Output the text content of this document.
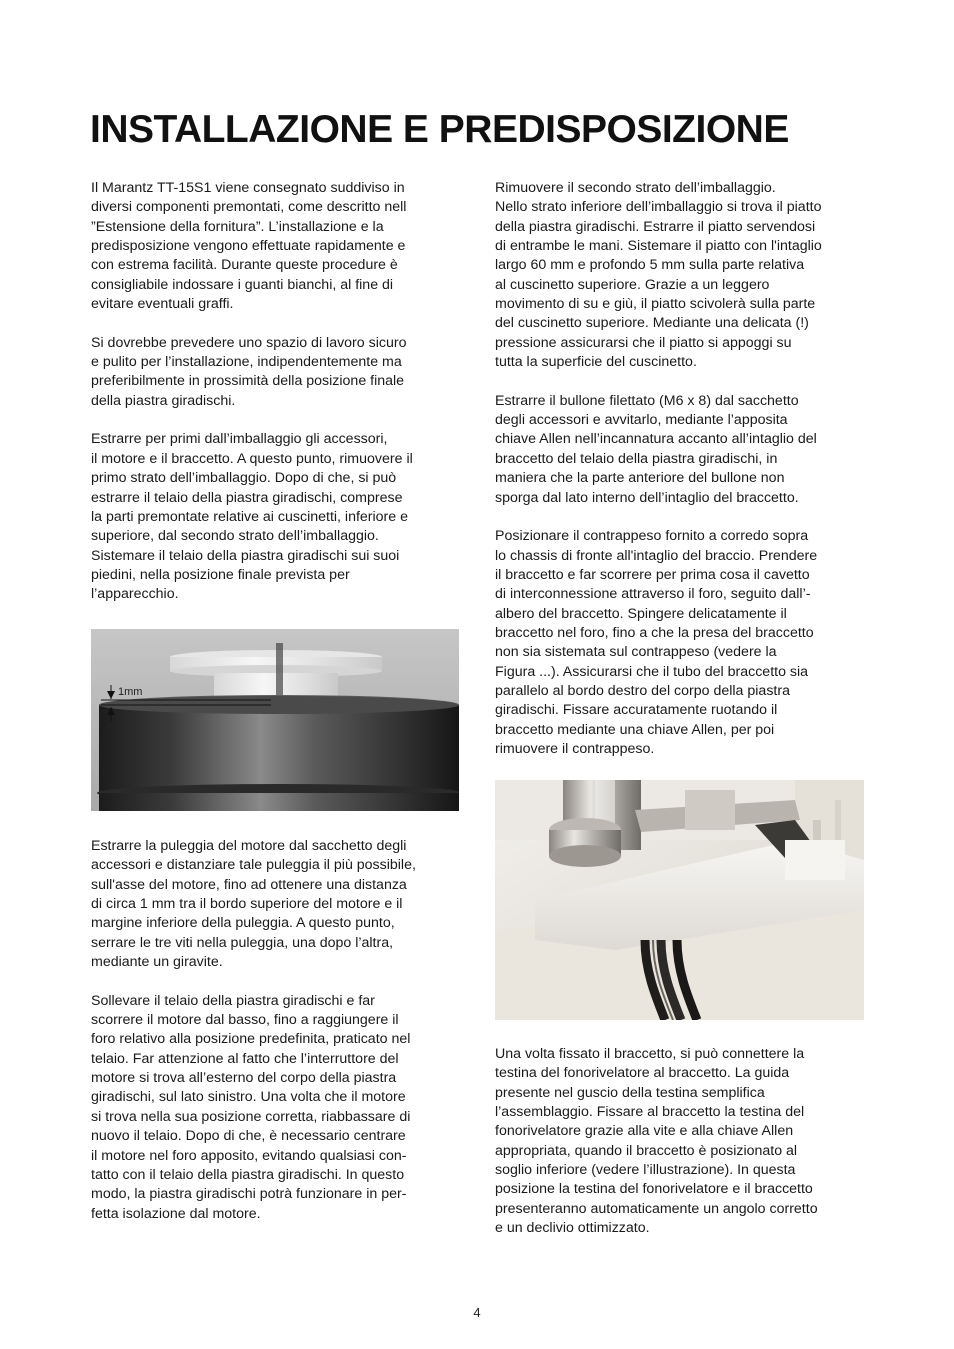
INSTALLAZIONE E PREDISPOSIZIONE

Il Marantz TT-15S1 viene consegnato suddiviso in
diversi componenti premontati, come descritto nell
”Estensione della fornitura”. L’installazione e la
predisposizione vengono effettuate rapidamente e
con estrema facilità. Durante queste procedure è
consigliabile indossare i guanti bianchi, al fine di
evitare eventuali graffi.

Si dovrebbe prevedere uno spazio di lavoro sicuro
e pulito per l’installazione, indipendentemente ma
preferibilmente in prossimità della posizione finale
della piastra giradischi.

Estrarre per primi dall’imballaggio gli accessori,
il motore e il braccetto. A questo punto, rimuovere il
primo strato dell’imballaggio. Dopo di che, si può
estrarre il telaio della piastra giradischi, comprese
la parti premontate relative ai cuscinetti, inferiore e
superiore, dal secondo strato dell’imballaggio.
Sistemare il telaio della piastra giradischi sui suoi
piedini, nella posizione finale prevista per
l’apparecchio.

1mm

Estrarre la puleggia del motore dal sacchetto degli
accessori e distanziare tale puleggia il più possibile,
sull'asse del motore, fino ad ottenere una distanza
di circa 1 mm tra il bordo superiore del motore e il
margine inferiore della puleggia. A questo punto,
serrare le tre viti nella puleggia, una dopo l’altra,
mediante un giravite.

Sollevare il telaio della piastra giradischi e far
scorrere il motore dal basso, fino a raggiungere il
foro relativo alla posizione predefinita, praticato nel
telaio. Far attenzione al fatto che l’interruttore del
motore si trova all’esterno del corpo della piastra
giradischi, sul lato sinistro. Una volta che il motore
si trova nella sua posizione corretta, riabbassare di
nuovo il telaio. Dopo di che, è necessario centrare
il motore nel foro apposito, evitando qualsiasi con-
tatto con il telaio della piastra giradischi. In questo
modo, la piastra giradischi potrà funzionare in per-
fetta isolazione dal motore.

Rimuovere il secondo strato dell’imballaggio.
Nello strato inferiore dell’imballaggio si trova il piatto
della piastra giradischi. Estrarre il piatto servendosi
di entrambe le mani. Sistemare il piatto con l'intaglio
largo 60 mm e profondo 5 mm sulla parte relativa
al cuscinetto superiore. Grazie a un leggero
movimento di su e giù, il piatto scivolerà sulla parte
del cuscinetto superiore. Mediante una delicata (!)
pressione assicurarsi che il piatto si appoggi su
tutta la superficie del cuscinetto.

Estrarre il bullone filettato (M6 x 8) dal sacchetto
degli accessori e avvitarlo, mediante l’apposita
chiave Allen nell’incannatura accanto all’intaglio del
braccetto del telaio della piastra giradischi, in
maniera che la parte anteriore del bullone non
sporga dal lato interno dell’intaglio del braccetto.

Posizionare il contrappeso fornito a corredo sopra
lo chassis di fronte all'intaglio del braccio. Prendere
il braccetto e far scorrere per prima cosa il cavetto
di interconnessione attraverso il foro, seguito dall’-
albero del braccetto. Spingere delicatamente il
braccetto nel foro, fino a che la presa del braccetto
non sia sistemata sul contrappeso (vedere la
Figura ...). Assicurarsi che il tubo del braccetto sia
parallelo al bordo destro del corpo della piastra
giradischi. Fissare accuratamente ruotando il
braccetto mediante una chiave Allen, per poi
rimuovere il contrappeso.

Una volta fissato il braccetto, si può connettere la
testina del fonorivelatore al braccetto. La guida
presente nel guscio della testina semplifica
l’assemblaggio. Fissare al braccetto la testina del
fonorivelatore grazie alla vite e alla chiave Allen
appropriata, quando il braccetto è posizionato al
soglio inferiore (vedere l’illustrazione). In questa
posizione la testina del fonorivelatore e il braccetto
presenteranno automaticamente un angolo corretto
e un declivio ottimizzato.

4
